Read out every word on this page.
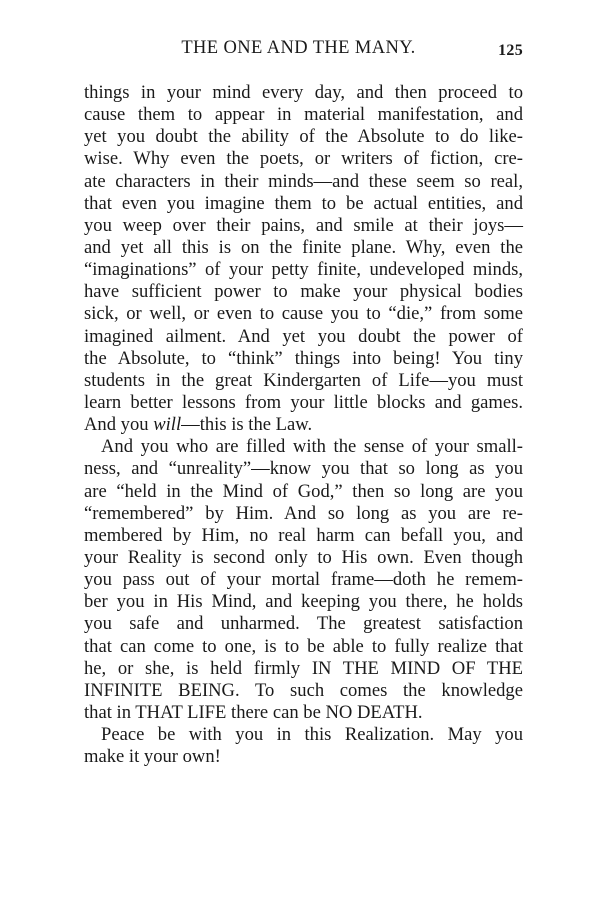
THE ONE AND THE MANY.	125
things in your mind every day, and then proceed to
cause them to appear in material manifestation, and
yet you doubt the ability of the Absolute to do like-
wise. Why even the poets, or writers of fiction, cre-
ate characters in their minds—and these seem so real,
that even you imagine them to be actual entities, and
you weep over their pains, and smile at their joys—
and yet all this is on the finite plane. Why, even the
“imaginations” of your petty finite, undeveloped minds,
have sufficient power to make your physical bodies
sick, or well, or even to cause you to “die,” from some
imagined ailment. And yet you doubt the power of
the Absolute, to “think” things into being! You tiny
students in the great Kindergarten of Life—you must
learn better lessons from your little blocks and games.
And you will—this is the Law.
And you who are filled with the sense of your small-
ness, and “unreality”—know you that so long as you
are “held in the Mind of God,” then so long are you
“remembered” by Him. And so long as you are re-
membered by Him, no real harm can befall you, and
your Reality is second only to His own. Even though
you pass out of your mortal frame—doth he remem-
ber you in His Mind, and keeping you there, he holds
you safe and unharmed. The greatest satisfaction
that can come to one, is to be able to fully realize that
he, or she, is held firmly IN THE MIND OF THE
INFINITE BEING. To such comes the knowledge
that in THAT LIFE there can be NO DEATH.
Peace be with you in this Realization. May you
make it your own!
